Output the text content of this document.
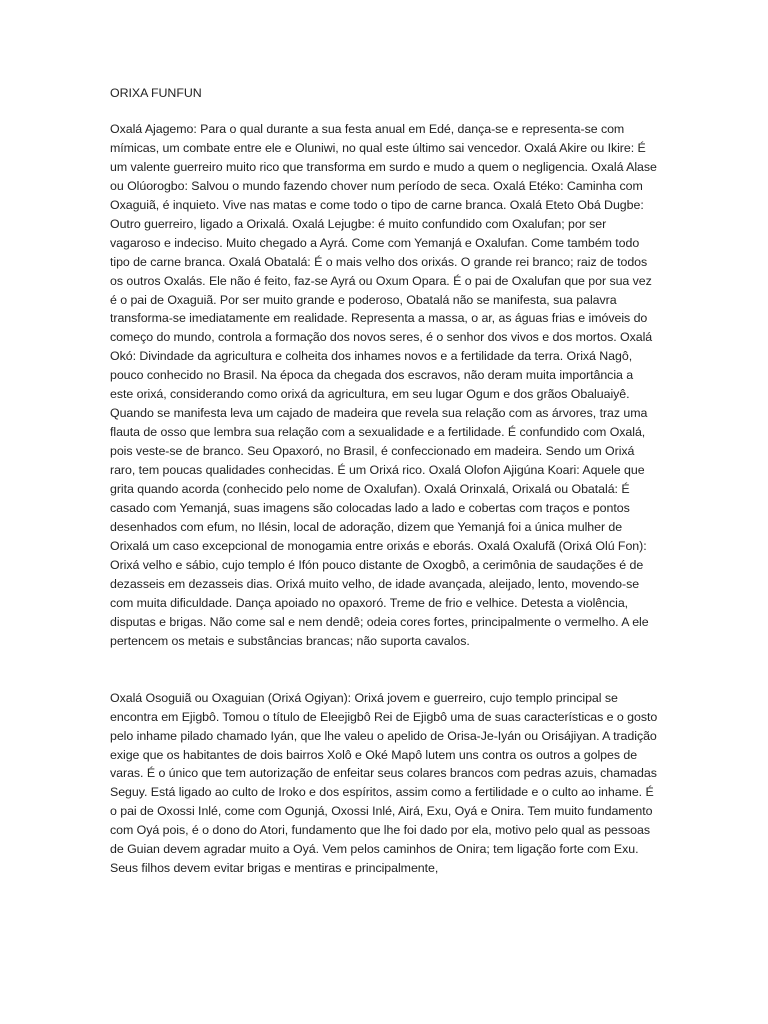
ORIXA FUNFUN

Oxalá Ajagemo: Para o qual durante a sua festa anual em Edé, dança-se e representa-se com mímicas, um combate entre ele e Oluniwi, no qual este último sai vencedor. Oxalá Akire ou Ikire: É um valente guerreiro muito rico que transforma em surdo e mudo a quem o negligencia. Oxalá Alase ou Olúorogbo: Salvou o mundo fazendo chover num período de seca. Oxalá Etéko: Caminha com Oxaguiã, é inquieto. Vive nas matas e come todo o tipo de carne branca. Oxalá Eteto Obá Dugbe: Outro guerreiro, ligado a Orixalá. Oxalá Lejugbe: é muito confundido com Oxalufan; por ser vagaroso e indeciso. Muito chegado a Ayrá. Come com Yemanjá e Oxalufan. Come também todo tipo de carne branca. Oxalá Obatalá: É o mais velho dos orixás. O grande rei branco; raiz de todos os outros Oxalás. Ele não é feito, faz-se Ayrá ou Oxum Opara. É o pai de Oxalufan que por sua vez é o pai de Oxaguiã. Por ser muito grande e poderoso, Obatalá não se manifesta, sua palavra transforma-se imediatamente em realidade. Representa a massa, o ar, as águas frias e imóveis do começo do mundo, controla a formação dos novos seres, é o senhor dos vivos e dos mortos. Oxalá Okó: Divindade da agricultura e colheita dos inhames novos e a fertilidade da terra. Orixá Nagô, pouco conhecido no Brasil. Na época da chegada dos escravos, não deram muita importância a este orixá, considerando como orixá da agricultura, em seu lugar Ogum e dos grãos Obaluaiyê. Quando se manifesta leva um cajado de madeira que revela sua relação com as árvores, traz uma flauta de osso que lembra sua relação com a sexualidade e a fertilidade. É confundido com Oxalá, pois veste-se de branco. Seu Opaxoró, no Brasil, é confeccionado em madeira. Sendo um Orixá raro, tem poucas qualidades conhecidas. É um Orixá rico. Oxalá Olofon Ajigúna Koari: Aquele que grita quando acorda (conhecido pelo nome de Oxalufan). Oxalá Orinxalá, Orixalá ou Obatalá: É casado com Yemanjá, suas imagens são colocadas lado a lado e cobertas com traços e pontos desenhados com efum, no Ilésin, local de adoração, dizem que Yemanjá foi a única mulher de Orixalá um caso excepcional de monogamia entre orixás e eborás. Oxalá Oxalufã (Orixá Olú Fon): Orixá velho e sábio, cujo templo é Ifón pouco distante de Oxogbô, a cerimônia de saudações é de dezasseis em dezasseis dias. Orixá muito velho, de idade avançada, aleijado, lento, movendo-se com muita dificuldade. Dança apoiado no opaxoró. Treme de frio e velhice. Detesta a violência, disputas e brigas. Não come sal e nem dendê; odeia cores fortes, principalmente o vermelho. A ele pertencem os metais e substâncias brancas; não suporta cavalos.

Oxalá Osoguiã ou Oxaguian (Orixá Ogiyan): Orixá jovem e guerreiro, cujo templo principal se encontra em Ejigbô. Tomou o título de Eleejigbô Rei de Ejigbô uma de suas características e o gosto pelo inhame pilado chamado Iyán, que lhe valeu o apelido de Orisa-Je-Iyán ou Orisájiyan. A tradição exige que os habitantes de dois bairros Xolô e Oké Mapô lutem uns contra os outros a golpes de varas. É o único que tem autorização de enfeitar seus colares brancos com pedras azuis, chamadas Seguy. Está ligado ao culto de Iroko e dos espíritos, assim como a fertilidade e o culto ao inhame. É o pai de Oxossi Inlé, come com Ogunjá, Oxossi Inlé, Airá, Exu, Oyá e Onira. Tem muito fundamento com Oyá pois, é o dono do Atori, fundamento que lhe foi dado por ela, motivo pelo qual as pessoas de Guian devem agradar muito a Oyá. Vem pelos caminhos de Onira; tem ligação forte com Exu. Seus filhos devem evitar brigas e mentiras e principalmente,
